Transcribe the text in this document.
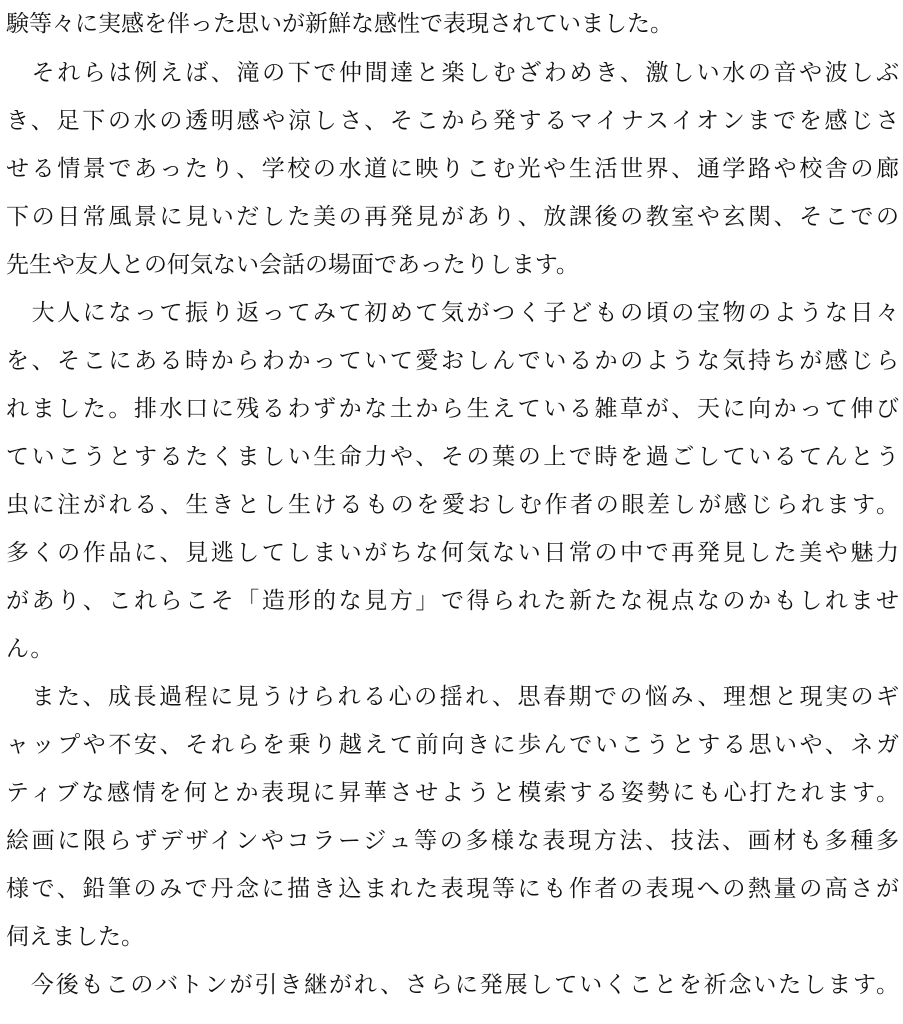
験等々に実感を伴った思いが新鮮な感性で表現されていました。
　それらは例えば、滝の下で仲間達と楽しむざわめき、激しい水の音や波しぶ
き、足下の水の透明感や涼しさ、そこから発するマイナスイオンまでを感じさ
せる情景であったり、学校の水道に映りこむ光や生活世界、通学路や校舎の廊
下の日常風景に見いだした美の再発見があり、放課後の教室や玄関、そこでの
先生や友人との何気ない会話の場面であったりします。
　大人になって振り返ってみて初めて気がつく子どもの頃の宝物のような日々
を、そこにある時からわかっていて愛おしんでいるかのような気持ちが感じら
れました。排水口に残るわずかな土から生えている雑草が、天に向かって伸び
ていこうとするたくましい生命力や、その葉の上で時を過ごしているてんとう
虫に注がれる、生きとし生けるものを愛おしむ作者の眼差しが感じられます。
多くの作品に、見逃してしまいがちな何気ない日常の中で再発見した美や魅力
があり、これらこそ「造形的な見方」で得られた新たな視点なのかもしれませ
ん。
　また、成長過程に見うけられる心の揺れ、思春期での悩み、理想と現実のギ
ャップや不安、それらを乗り越えて前向きに歩んでいこうとする思いや、ネガ
ティブな感情を何とか表現に昇華させようと模索する姿勢にも心打たれます。
絵画に限らずデザインやコラージュ等の多様な表現方法、技法、画材も多種多
様で、鉛筆のみで丹念に描き込まれた表現等にも作者の表現への熱量の高さが
伺えました。
　今後もこのバトンが引き継がれ、さらに発展していくことを祈念いたします。
